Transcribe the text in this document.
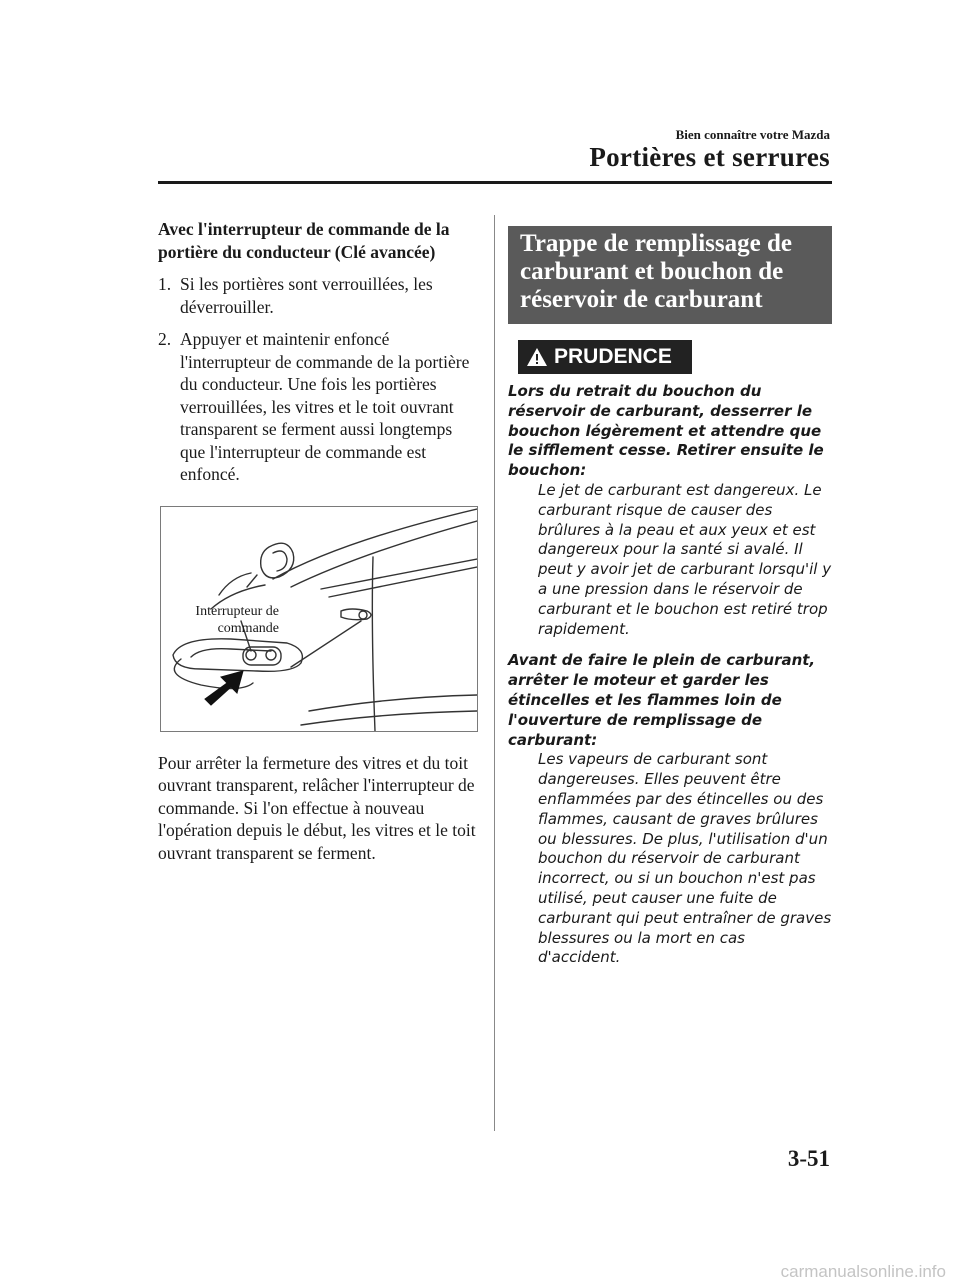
Bien connaître votre Mazda
Portières et serrures

Avec l'interrupteur de commande de la portière du conducteur (Clé avancée)

1. Si les portières sont verrouillées, les déverrouiller.
2. Appuyer et maintenir enfoncé l'interrupteur de commande de la portière du conducteur. Une fois les portières verrouillées, les vitres et le toit ouvrant transparent se ferment aussi longtemps que l'interrupteur de commande est enfoncé.
Interrupteur de
commande

Pour arrêter la fermeture des vitres et du toit ouvrant transparent, relâcher l'interrupteur de commande. Si l'on effectue à nouveau l'opération depuis le début, les vitres et le toit ouvrant transparent se ferment.

Trappe de remplissage de carburant et bouchon de réservoir de carburant
PRUDENCE

Lors du retrait du bouchon du réservoir de carburant, desserrer le bouchon légèrement et attendre que le sifflement cesse. Retirer ensuite le bouchon:

Le jet de carburant est dangereux. Le carburant risque de causer des brûlures à la peau et aux yeux et est dangereux pour la santé si avalé. Il peut y avoir jet de carburant lorsqu'il y a une pression dans le réservoir de carburant et le bouchon est retiré trop rapidement.

Avant de faire le plein de carburant, arrêter le moteur et garder les étincelles et les flammes loin de l'ouverture de remplissage de carburant:

Les vapeurs de carburant sont dangereuses. Elles peuvent être enflammées par des étincelles ou des flammes, causant de graves brûlures ou blessures. De plus, l'utilisation d'un bouchon du réservoir de carburant incorrect, ou si un bouchon n'est pas utilisé, peut causer une fuite de carburant qui peut entraîner de graves blessures ou la mort en cas d'accident.

3-51
carmanualsonline.info
